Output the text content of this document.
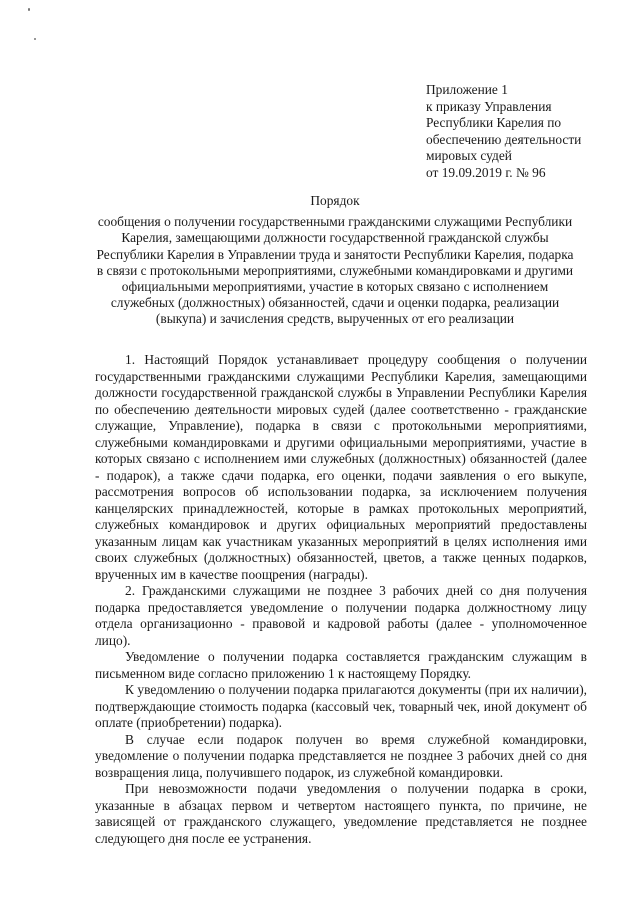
Приложение 1
к приказу Управления
Республики Карелия по
обеспечению деятельности
мировых судей
от 19.09.2019 г. № 96
Порядок
сообщения о получении государственными гражданскими служащими Республики
Карелия, замещающими должности государственной гражданской службы
Республики Карелия в Управлении труда и занятости Республики Карелия, подарка
в связи с протокольными мероприятиями, служебными командировками и другими
официальными мероприятиями, участие в которых связано с исполнением
служебных (должностных) обязанностей, сдачи и оценки подарка, реализации
(выкупа) и зачисления средств, вырученных от его реализации

1. Настоящий Порядок устанавливает процедуру сообщения о получении государственными гражданскими служащими Республики Карелия, замещающими должности государственной гражданской службы в Управлении Республики Карелия по обеспечению деятельности мировых судей (далее соответственно - гражданские служащие, Управление), подарка в связи с протокольными мероприятиями, служебными командировками и другими официальными мероприятиями, участие в которых связано с исполнением ими служебных (должностных) обязанностей (далее - подарок), а также сдачи подарка, его оценки, подачи заявления о его выкупе, рассмотрения вопросов об использовании подарка, за исключением получения канцелярских принадлежностей, которые в рамках протокольных мероприятий, служебных командировок и других официальных мероприятий предоставлены указанным лицам как участникам указанных мероприятий в целях исполнения ими своих служебных (должностных) обязанностей, цветов, а также ценных подарков, врученных им в качестве поощрения (награды).

2. Гражданскими служащими не позднее 3 рабочих дней со дня получения подарка предоставляется уведомление о получении подарка должностному лицу отдела организационно - правовой и кадровой работы (далее - уполномоченное лицо).

Уведомление о получении подарка составляется гражданским служащим в письменном виде согласно приложению 1 к настоящему Порядку.

К уведомлению о получении подарка прилагаются документы (при их наличии), подтверждающие стоимость подарка (кассовый чек, товарный чек, иной документ об оплате (приобретении) подарка).

В случае если подарок получен во время служебной командировки, уведомление о получении подарка представляется не позднее 3 рабочих дней со дня возвращения лица, получившего подарок, из служебной командировки.

При невозможности подачи уведомления о получении подарка в сроки, указанные в абзацах первом и четвертом настоящего пункта, по причине, не зависящей от гражданского служащего, уведомление представляется не позднее следующего дня после ее устранения.
